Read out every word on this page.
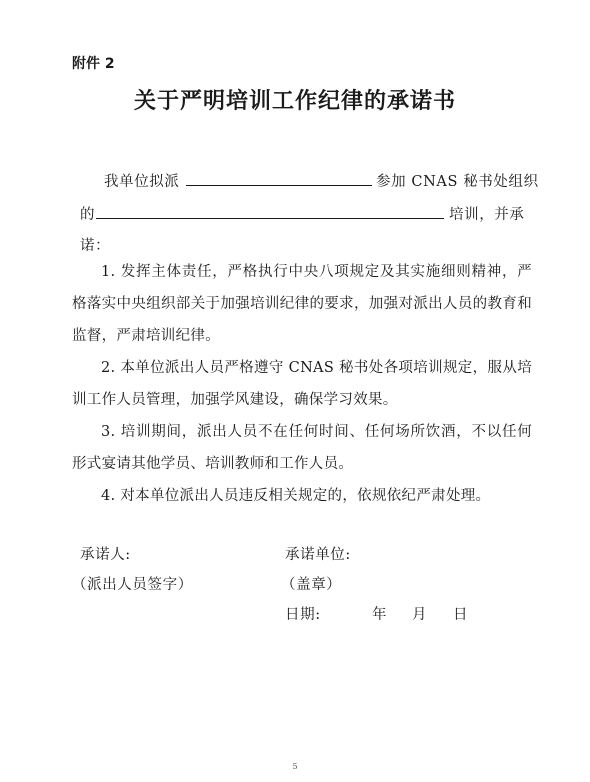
附件 2
关于严明培训工作纪律的承诺书
我单位拟派	参加 CNAS 秘书处组织
的	培训，并承
诺：
1. 发挥主体责任，严格执行中央八项规定及其实施细则精神，严格落实中央组织部关于加强培训纪律的要求，加强对派出人员的教育和监督，严肃培训纪律。
2. 本单位派出人员严格遵守 CNAS 秘书处各项培训规定，服从培训工作人员管理，加强学风建设，确保学习效果。
3. 培训期间，派出人员不在任何时间、任何场所饮酒，不以任何形式宴请其他学员、培训教师和工作人员。
4. 对本单位派出人员违反相关规定的，依规依纪严肃处理。
承诺人:	承诺单位:
（派出人员签字）	（盖章）
日期:	年 月 日
5
